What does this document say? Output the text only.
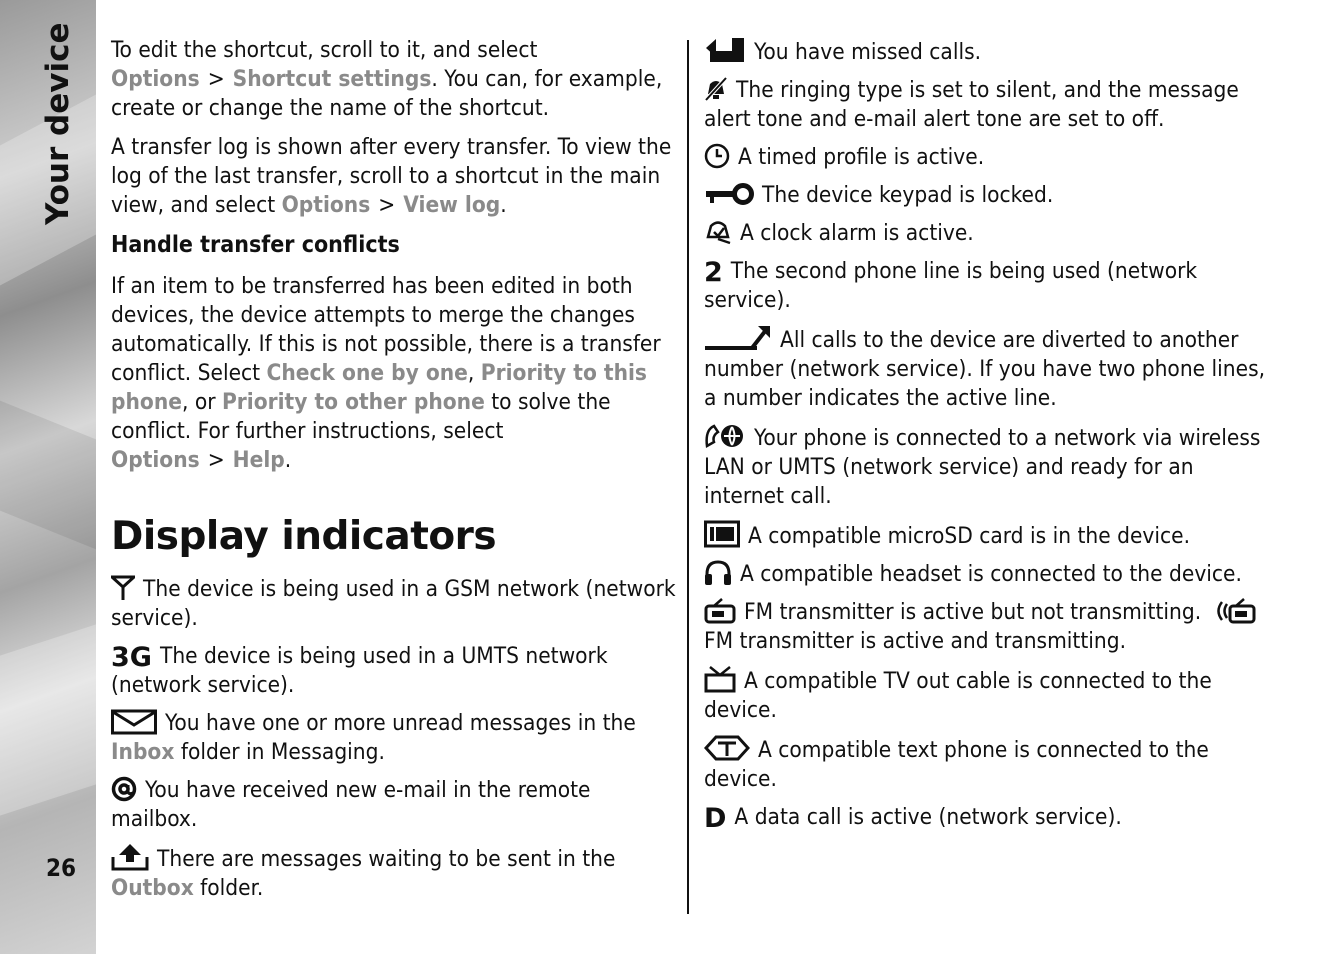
Your device
26

To edit the shortcut, scroll to it, and select Options > Shortcut settings. You can, for example, create or change the name of the shortcut.

A transfer log is shown after every transfer. To view the log of the last transfer, scroll to a shortcut in the main view, and select Options > View log.

Handle transfer conflicts

If an item to be transferred has been edited in both devices, the device attempts to merge the changes automatically. If this is not possible, there is a transfer conflict. Select Check one by one, Priority to this phone, or Priority to other phone to solve the conflict. For further instructions, select Options > Help.

Display indicators

The device is being used in a GSM network (network service).

3G The device is being used in a UMTS network (network service).

You have one or more unread messages in the Inbox folder in Messaging.

You have received new e-mail in the remote mailbox.

There are messages waiting to be sent in the Outbox folder.

You have missed calls.

The ringing type is set to silent, and the message alert tone and e-mail alert tone are set to off.

A timed profile is active.

The device keypad is locked.

A clock alarm is active.

2 The second phone line is being used (network service).

All calls to the device are diverted to another number (network service). If you have two phone lines, a number indicates the active line.

Your phone is connected to a network via wireless LAN or UMTS (network service) and ready for an internet call.

A compatible microSD card is in the device.

A compatible headset is connected to the device.

FM transmitter is active but not transmitting.
FM transmitter is active and transmitting.

A compatible TV out cable is connected to the device.

A compatible text phone is connected to the device.

D A data call is active (network service).
